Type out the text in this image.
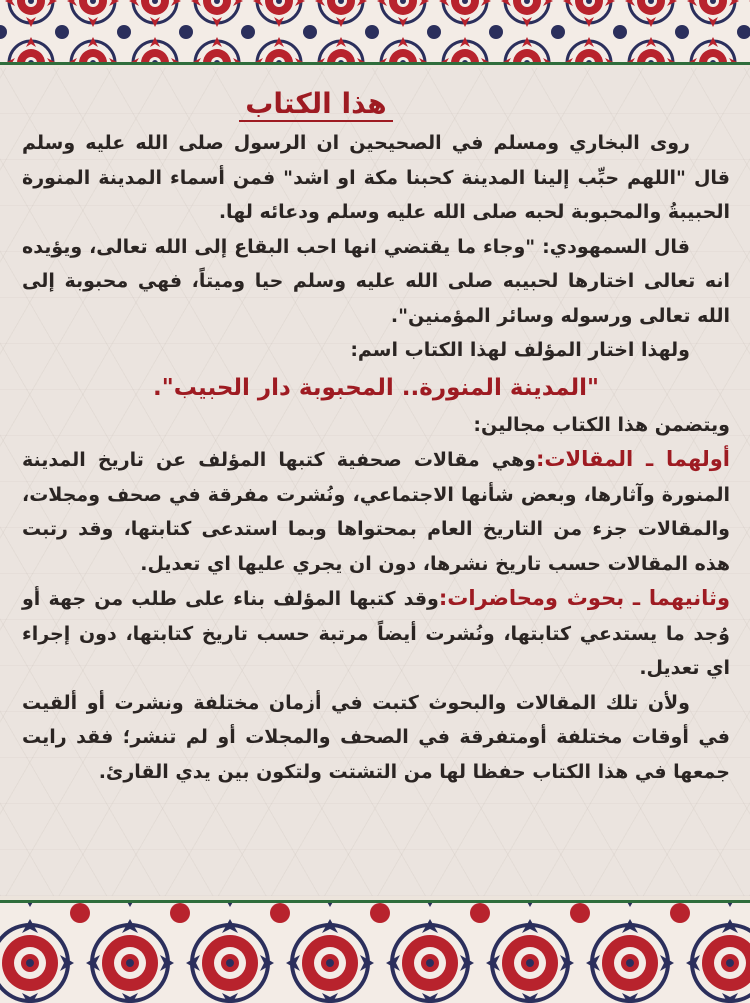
هذا الكتاب

روى البخاري ومسلم في الصحيحين ان الرسول صلى الله عليه وسلم قال "اللهم حبِّب إلينا المدينة كحبنا مكة او اشد" فمن أسماء المدينة المنورة الحبيبةُ والمحبوبة لحبه صلى الله عليه وسلم ودعائه لها.

قال السمهودي: "وجاء ما يقتضي انها احب البقاع إلى الله تعالى، ويؤيده انه تعالى اختارها لحبيبه صلى الله عليه وسلم حيا وميتاً، فهي محبوبة إلى الله تعالى ورسوله وسائر المؤمنين".

ولهذا اختار المؤلف لهذا الكتاب اسم:

"المدينة المنورة.. المحبوبة دار الحبيب".

ويتضمن هذا الكتاب مجالين:

أولهما ـ المقالات:وهي مقالات صحفية كتبها المؤلف عن تاريخ المدينة المنورة وآثارها، وبعض شأنها الاجتماعي، ونُشرت مفرقة في صحف ومجلات، والمقالات جزء من التاريخ العام بمحتواها وبما استدعى كتابتها، وقد رتبت هذه المقالات حسب تاريخ نشرها، دون ان يجري عليها اي تعديل.

وثانيهما ـ بحوث ومحاضرات:وقد كتبها المؤلف بناء على طلب من جهة أو وُجد ما يستدعي كتابتها، ونُشرت أيضاً مرتبة حسب تاريخ كتابتها، دون إجراء اي تعديل.

ولأن تلك المقالات والبحوث كتبت في أزمان مختلفة ونشرت أو ألقيت في أوقات مختلفة أومتفرقة في الصحف والمجلات أو لم تنشر؛ فقد رايت جمعها في هذا الكتاب حفظا لها من التشتت ولتكون بين يدي القارئ.
